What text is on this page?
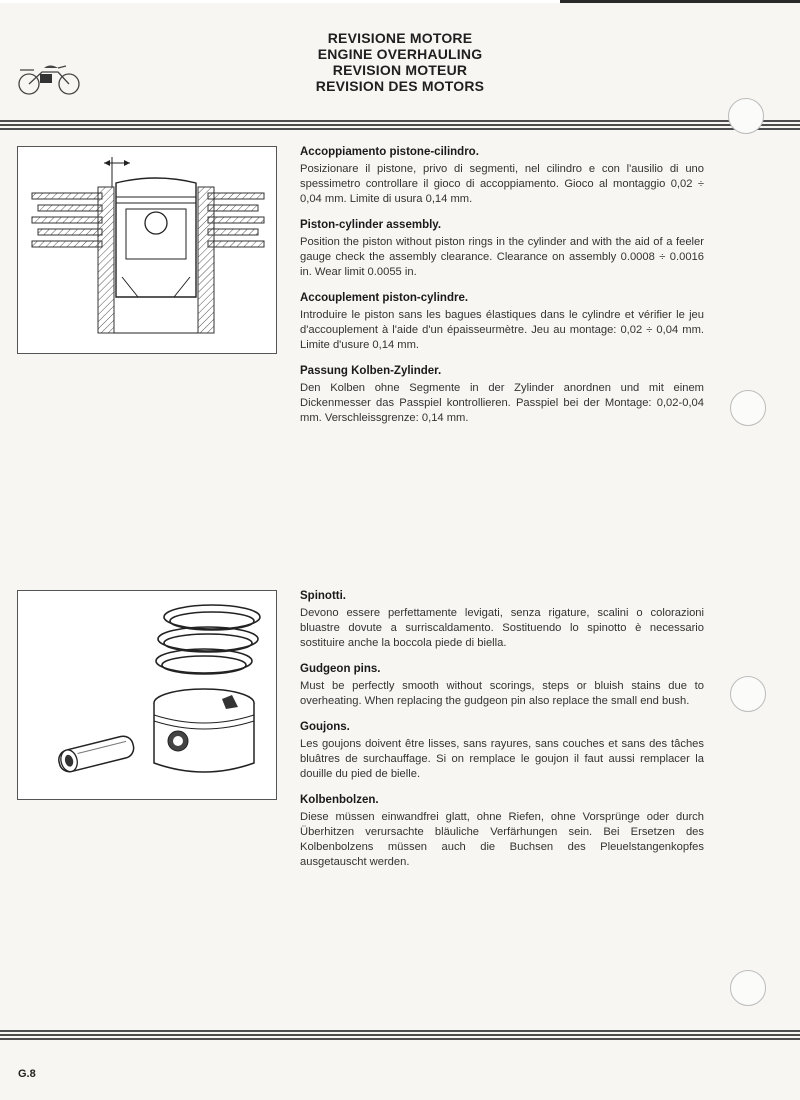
REVISIONE MOTORE
ENGINE OVERHAULING
REVISION MOTEUR
REVISION DES MOTORS
Accoppiamento pistone-cilindro.

Posizionare il pistone, privo di segmenti, nel cilindro e con l'ausilio di uno spessimetro controllare il gioco di accoppiamento. Gioco al montaggio 0,02 ÷ 0,04 mm. Limite di usura 0,14 mm.

Piston-cylinder assembly.

Position the piston without piston rings in the cylinder and with the aid of a feeler gauge check the assembly clearance. Clearance on assembly 0.0008 ÷ 0.0016 in. Wear limit 0.0055 in.

Accouplement piston-cylindre.

Introduire le piston sans les bagues élastiques dans le cylindre et vérifier le jeu d'accouplement à l'aide d'un épaisseurmètre. Jeu au montage: 0,02 ÷ 0,04 mm. Limite d'usure 0,14 mm.

Passung Kolben-Zylinder.

Den Kolben ohne Segmente in der Zylinder anordnen und mit einem Dickenmesser das Passpiel kontrollieren. Passpiel bei der Montage: 0,02-0,04 mm. Verschleissgrenze: 0,14 mm.

Spinotti.

Devono essere perfettamente levigati, senza rigature, scalini o colorazioni bluastre dovute a surriscaldamento. Sostituendo lo spinotto è necessario sostituire anche la boccola piede di biella.

Gudgeon pins.

Must be perfectly smooth without scorings, steps or bluish stains due to overheating. When replacing the gudgeon pin also replace the small end bush.

Goujons.

Les goujons doivent être lisses, sans rayures, sans couches et sans des tâches bluâtres de surchauffage. Si on remplace le goujon il faut aussi remplacer la douille du pied de bielle.

Kolbenbolzen.

Diese müssen einwandfrei glatt, ohne Riefen, ohne Vorsprünge oder durch Überhitzen verursachte bläuliche Verfärhungen sein. Bei Ersetzen des Kolbenbolzens müssen auch die Buchsen des Pleuelstangenkopfes ausgetauscht werden.

G.8
